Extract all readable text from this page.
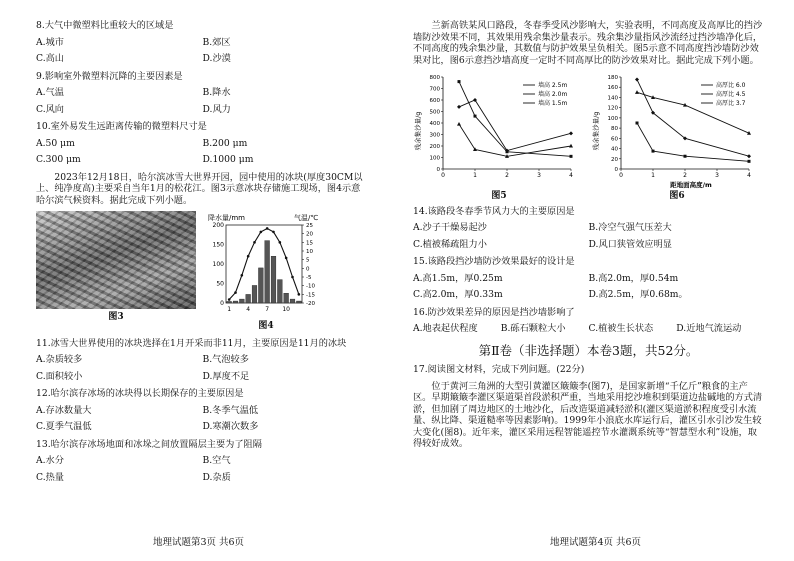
8.大气中微塑料比重较大的区域是
A.城市	B.郊区
C.高山	D.沙漠
9.影响室外微塑料沉降的主要因素是
A.气温	B.降水
C.风向	D.风力
10.室外易发生远距离传输的微塑料尺寸是
A.50 μm	B.200 μm
C.300 μm	D.1000 μm
2023年12月18日，哈尔滨冰雪大世界开园，园中使用的冰块(厚度30CM以上、纯净度高)主要采自当年1月的松花江。图3示意冰块存储施工现场，图4示意哈尔滨气候资料。据此完成下列小题。
图3
降水量/mm	气温/℃
0
50
100
150
200
-20
-15
-10
-5
0
5
10
15
20
25
1	4	7 10
图4
11.冰雪大世界使用的冰块选择在1月开采而非11月，主要原因是11月的冰块
A.杂质较多	B.气泡较多
C.面积较小	D.厚度不足
12.哈尔滨存冰场的冰块得以长期保存的主要原因是
A.存冰数量大	B.冬季气温低
C.夏季气温低	D.寒潮次数多
13.哈尔滨存冰场地面和冰垛之间放置隔层主要为了阻隔
A.水分	B.空气
C.热量	D.杂质
地理试题第3页 共6页
兰新高铁某风口路段，冬春季受风沙影响大，实验表明，不同高度及高厚比的挡沙墙防沙效果不同，其效果用残余集沙量表示。残余集沙量指风沙流经过挡沙墙净化后，不同高度的残余集沙量，其数值与防护效果呈负相关。图5示意不同高度挡沙墙防沙效果对比，图6示意挡沙墙高度一定时不同高厚比的防沙效果对比。据此完成下列小题。
残余集沙量/g
0
100
200
300
400
500
600
700
800
0	1	2	3	4
墙高 2.5m
墙高 2.0m
墙高 1.5m
图5
残余集沙量/g
距地面高度/m
0
20
40
60
80
100
120
140
160
180
0	1	2	3	4
高厚比 6.0
高厚比 4.5
高厚比 3.7
图6
14.该路段冬春季节风力大的主要原因是
A.沙子干燥易起沙	B.冷空气强气压差大
C.植被稀疏阻力小	D.风口狭管效应明显
15.该路段挡沙墙防沙效果最好的设计是
A.高1.5m，厚0.25m	B.高2.0m，厚0.54m
C.高2.0m，厚0.33m	D.高2.5m，厚0.68m。
16.防沙效果差异的原因是挡沙墙影响了
A.地表起伏程度	B.砾石颗粒大小	C.植被生长状态	D.近地气流运动
第Ⅱ卷（非选择题）本卷3题，共52分。
17.阅读图文材料，完成下列问题。(22分)
位于黄河三角洲的大型引黄灌区簸簸李(图7)，是国家新增“千亿斤”粮食的主产区。早期簸簸李灌区渠道渠首段淤积严重，当地采用挖沙堆积到渠道边盐碱地的方式清淤，但加剧了周边地区的土地沙化，后改造渠道减轻淤积(灌区渠道淤积程度受引水流量、纵比降、渠道糙率等因素影响)。1999年小浪底水库运行后，灌区引水引沙发生较大变化(图8)。近年来，灌区采用远程智能遥控节水灌溉系统等“智慧型水利”设施，取得较好成效。
地理试题第4页 共6页
